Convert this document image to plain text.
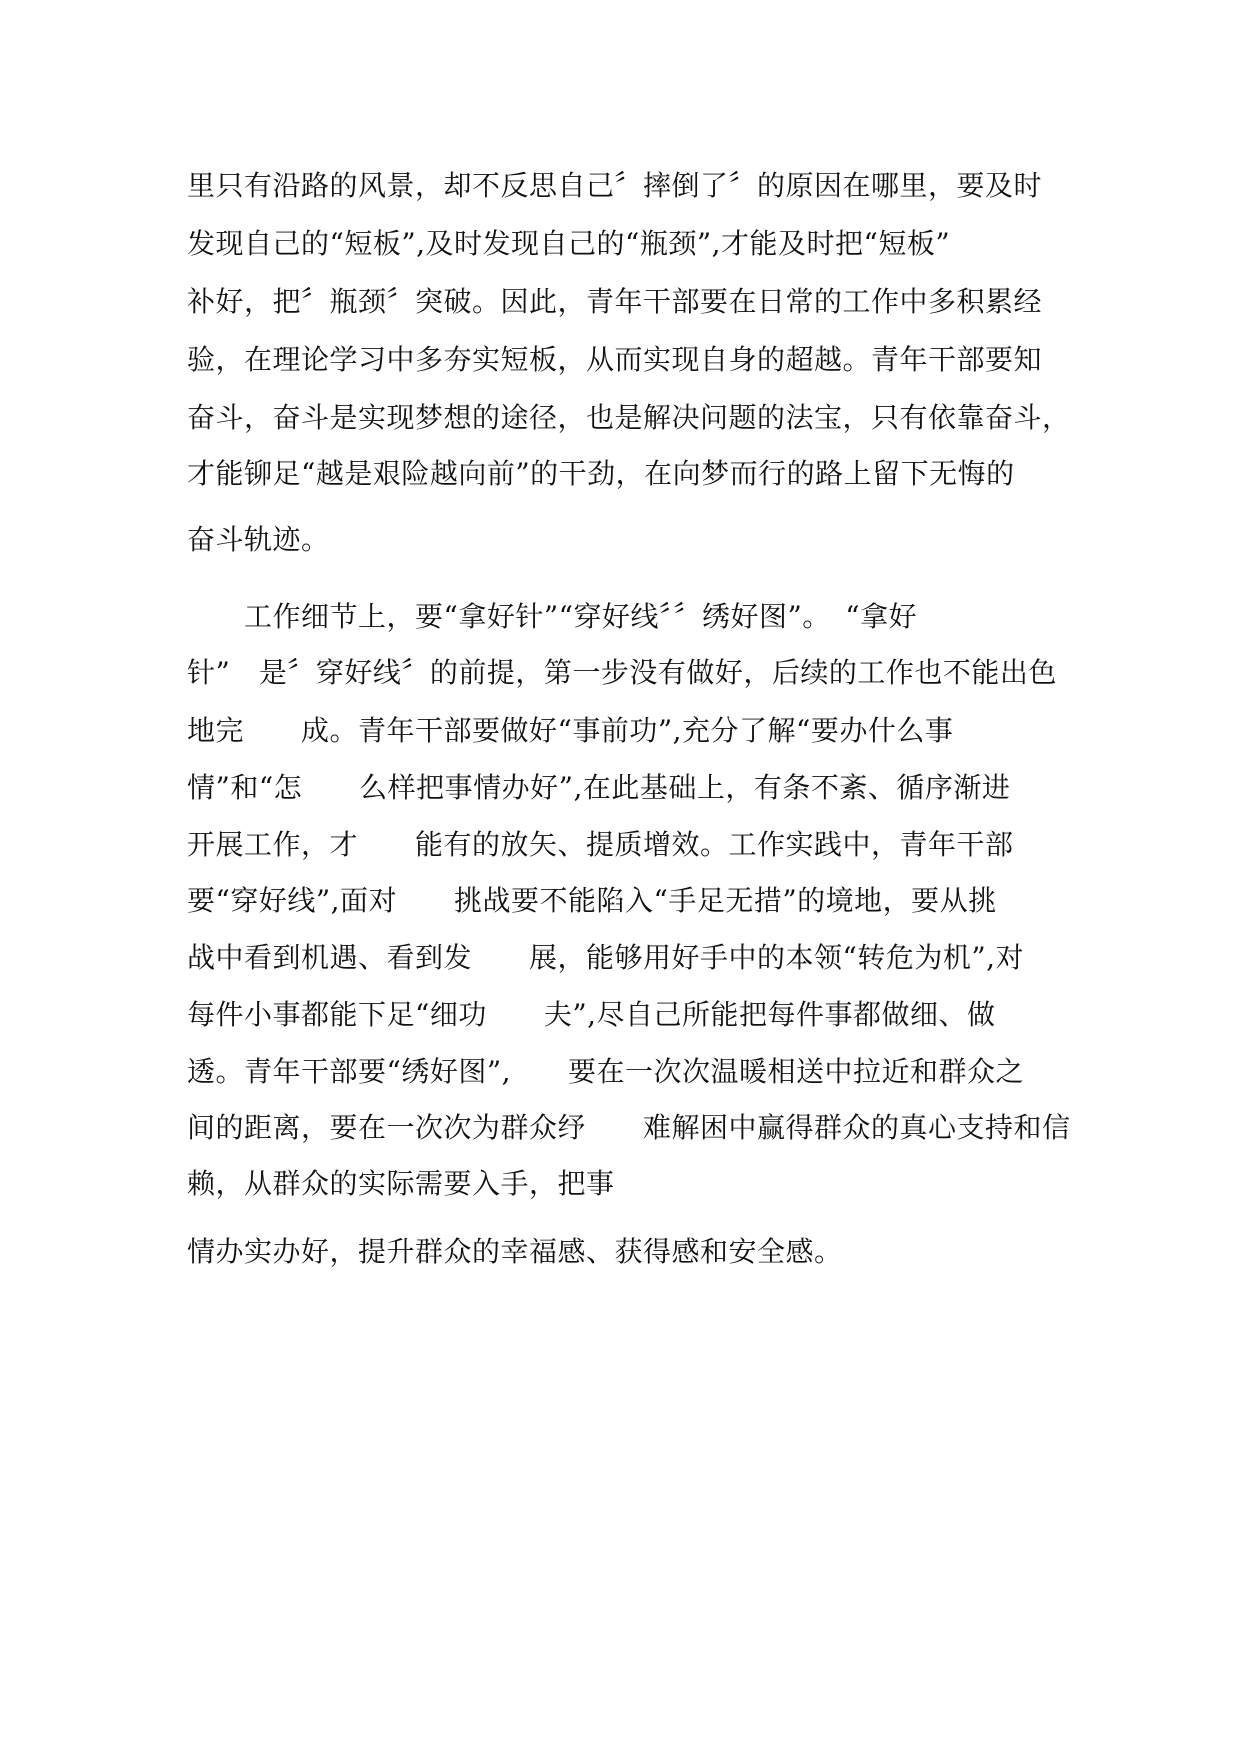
里只有沿路的风景，却不反思自己〞摔倒了〞的原因在哪里，要及时
发现自己的“短板”,及时发现自己的“瓶颈”,才能及时把“短板”
补好，把〞瓶颈〞突破。因此，青年干部要在日常的工作中多积累经
验，在理论学习中多夯实短板，从而实现自身的超越。青年干部要知
奋斗，奋斗是实现梦想的途径，也是解决问题的法宝，只有依靠奋斗，
才能铆足“越是艰险越向前”的干劲，在向梦而行的路上留下无悔的
奋斗轨迹。
　　工作细节上，要“拿好针”“穿好线〞〞绣好图”。　“拿好
针”　是〞穿好线〞的前提，第一步没有做好，后续的工作也不能出色
地完　　成。青年干部要做好“事前功”,充分了解“要办什么事
情”和“怎　　么样把事情办好”,在此基础上，有条不紊、循序渐进
开展工作，才　　能有的放矢、提质增效。工作实践中，青年干部
要“穿好线”,面对　　挑战要不能陷入“手足无措”的境地，要从挑
战中看到机遇、看到发　　展，能够用好手中的本领“转危为机”,对
每件小事都能下足“细功　　夫”,尽自己所能把每件事都做细、做
透。青年干部要“绣好图”,　　要在一次次温暖相送中拉近和群众之
间的距离，要在一次次为群众纾　　难解困中赢得群众的真心支持和信
赖，从群众的实际需要入手，把事
情办实办好，提升群众的幸福感、获得感和安全感。
